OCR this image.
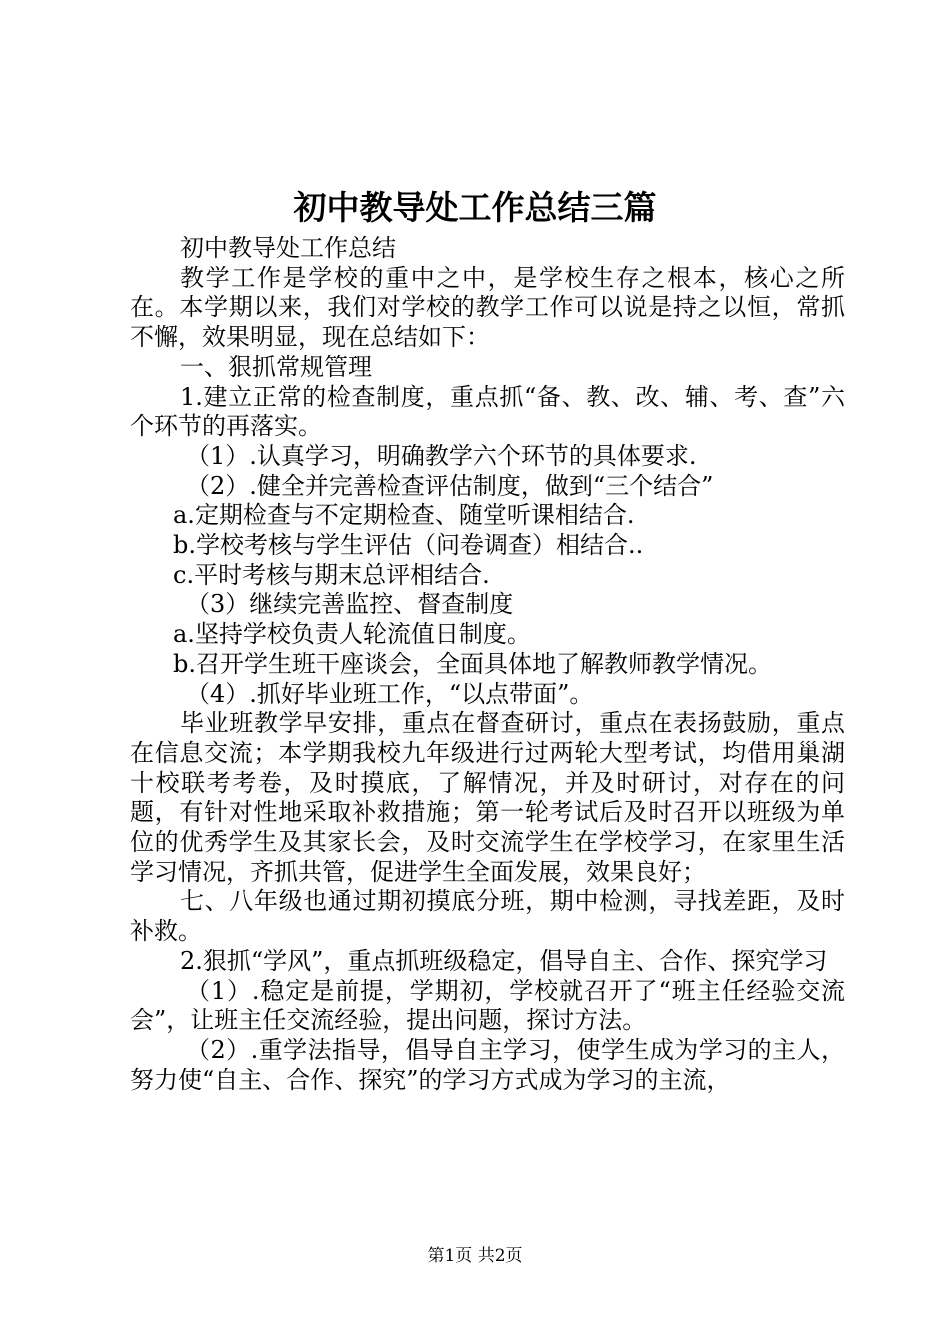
初中教导处工作总结三篇

初中教导处工作总结

教学工作是学校的重中之中，是学校生存之根本，核心之所在。本学期以来，我们对学校的教学工作可以说是持之以恒，常抓不懈，效果明显，现在总结如下：

一、狠抓常规管理

1.建立正常的检查制度，重点抓“备、教、改、辅、考、查”六个环节的再落实。

（1）.认真学习，明确教学六个环节的具体要求.

（2）.健全并完善检查评估制度，做到“三个结合”

a.定期检查与不定期检查、随堂听课相结合.

b.学校考核与学生评估（问卷调查）相结合..

c.平时考核与期末总评相结合.

（3）继续完善监控、督查制度

a.坚持学校负责人轮流值日制度。

b.召开学生班干座谈会，全面具体地了解教师教学情况。

（4）.抓好毕业班工作，“以点带面”。

毕业班教学早安排，重点在督查研讨，重点在表扬鼓励，重点在信息交流；本学期我校九年级进行过两轮大型考试，均借用巢湖十校联考考卷，及时摸底，了解情况，并及时研讨，对存在的问题，有针对性地采取补救措施；第一轮考试后及时召开以班级为单位的优秀学生及其家长会，及时交流学生在学校学习，在家里生活学习情况，齐抓共管，促进学生全面发展，效果良好；

七、八年级也通过期初摸底分班，期中检测，寻找差距，及时补救。

2.狠抓“学风”，重点抓班级稳定，倡导自主、合作、探究学习

（1）.稳定是前提，学期初，学校就召开了“班主任经验交流会”，让班主任交流经验，提出问题，探讨方法。

（2）.重学法指导，倡导自主学习，使学生成为学习的主人，努力使“自主、合作、探究”的学习方式成为学习的主流，

第1页 共2页
